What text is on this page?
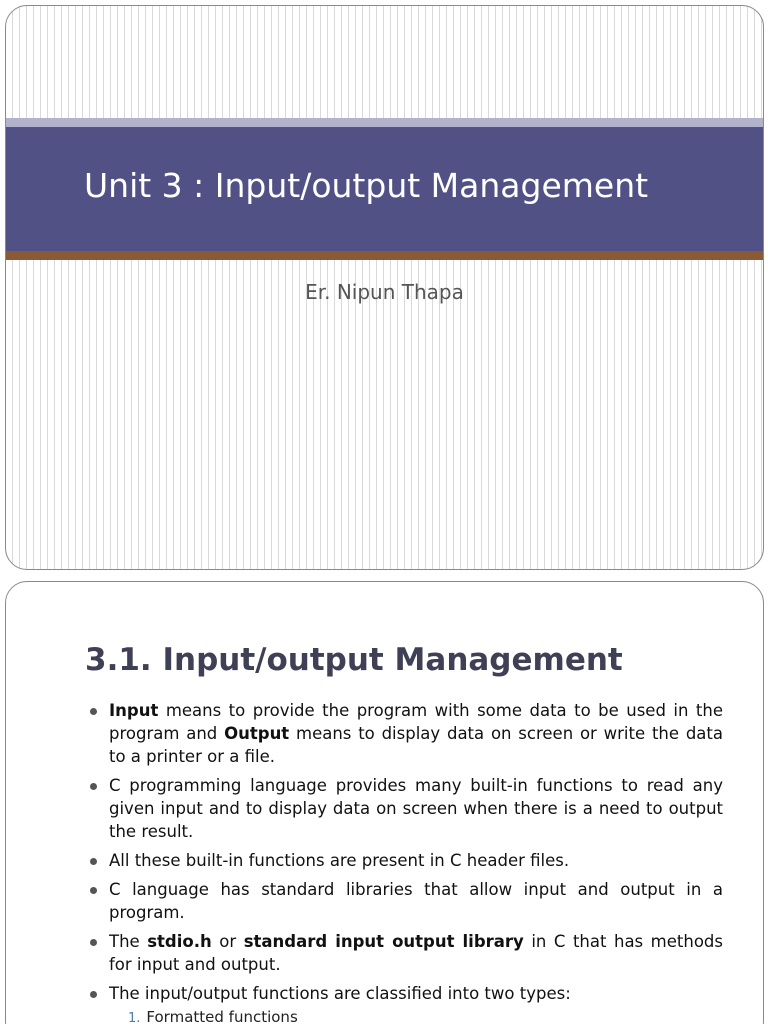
Unit 3 : Input/output Management
Er. Nipun Thapa
3.1. Input/output Management
Input means to provide the program with some data to be used in the program and Output means to display data on screen or write the data to a printer or a file.
C programming language provides many built-in functions to read any given input and to display data on screen when there is a need to output the result.
All these built-in functions are present in C header files.
C language has standard libraries that allow input and output in a program.
The stdio.h or standard input output library in C that has methods for input and output.
The input/output functions are classified into two types:
1. Formatted functions
